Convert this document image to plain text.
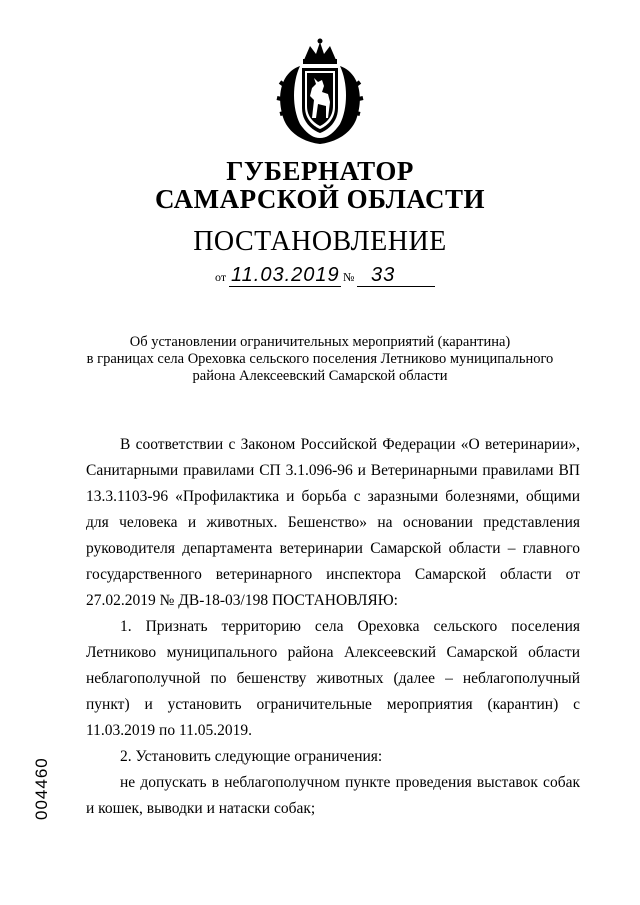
ГУБЕРНАТОР
САМАРСКОЙ ОБЛАСТИ
ПОСТАНОВЛЕНИЕ
от 11.03.2019 № 33
Об установлении ограничительных мероприятий (карантина)
в границах села Ореховка сельского поселения Летниково муниципального
района Алексеевский Самарской области

В соответствии с Законом Российской Федерации «О ветеринарии», Санитарными правилами СП 3.1.096-96 и Ветеринарными правилами ВП 13.3.1103-96 «Профилактика и борьба с заразными болезнями, общими для человека и животных. Бешенство» на основании представления руководителя департамента ветеринарии Самарской области – главного государственного ветеринарного инспектора Самарской области от 27.02.2019 № ДВ-18-03/198 ПОСТАНОВЛЯЮ:

1. Признать территорию села Ореховка сельского поселения Летниково муниципального района Алексеевский Самарской области неблагополучной по бешенству животных (далее – неблагополучный пункт) и установить ограничительные мероприятия (карантин) с 11.03.2019 по 11.05.2019.

2. Установить следующие ограничения:

не допускать в неблагополучном пункте проведения выставок собак и кошек, выводки и натаски собак;

004460
